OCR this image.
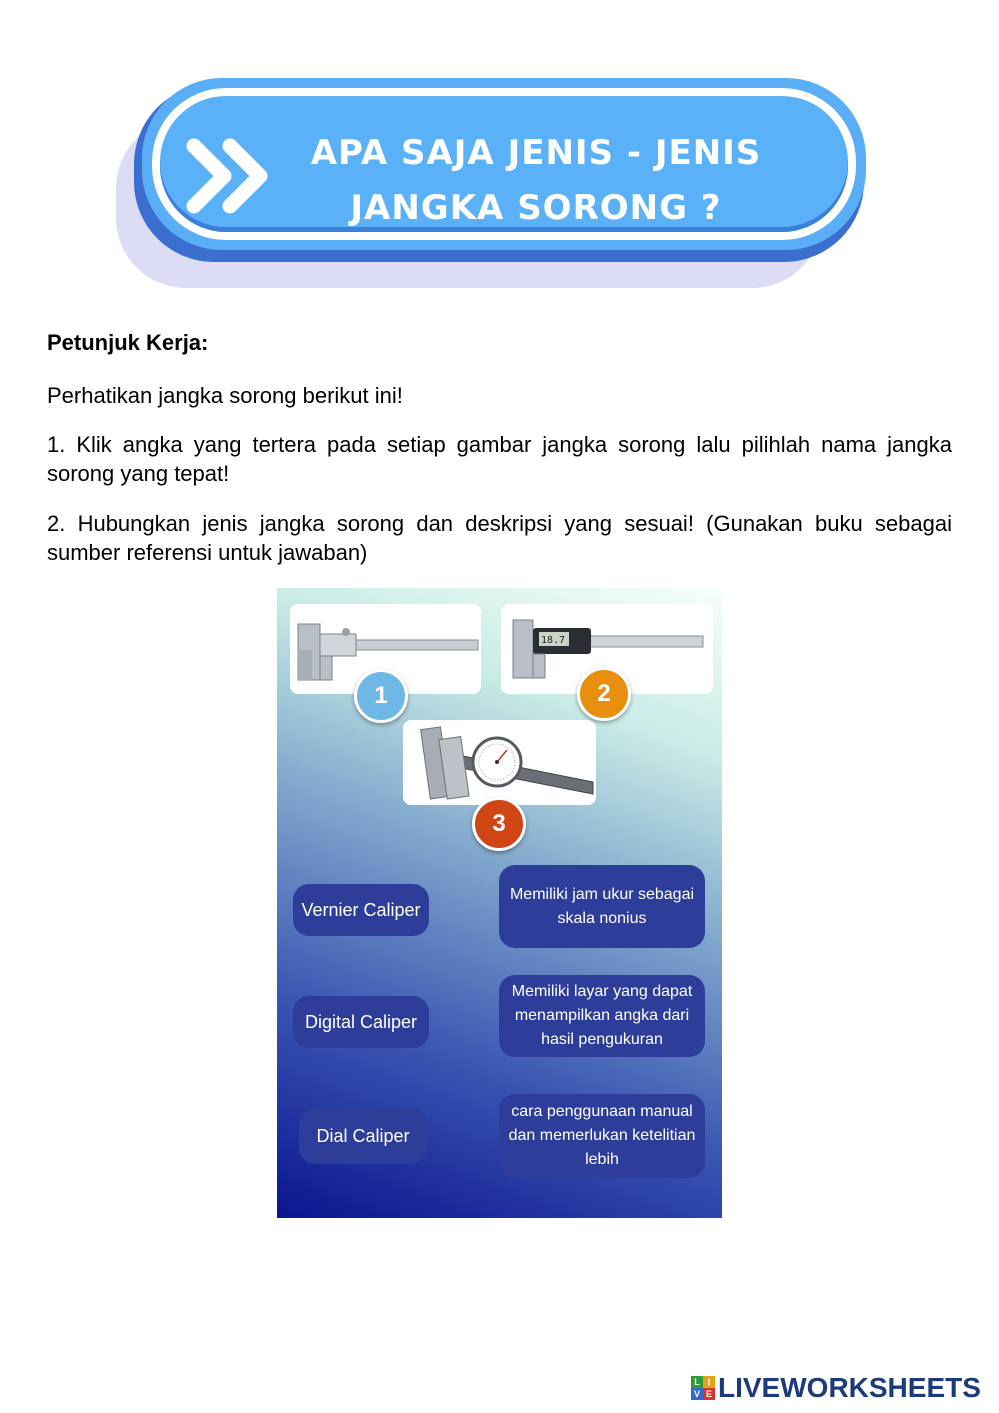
APA SAJA JENIS - JENIS
JANGKA SORONG ?
Petunjuk Kerja:
Perhatikan jangka sorong berikut ini!
1. Klik angka yang tertera pada setiap gambar jangka sorong lalu pilihlah nama jangka sorong yang tepat!
2. Hubungkan jenis jangka sorong dan deskripsi yang sesuai! (Gunakan buku sebagai sumber referensi untuk jawaban)
18.7
1	2
3
Vernier Caliper
Digital Caliper
Dial Caliper
Memiliki jam ukur sebagai skala nonius
Memiliki layar yang dapat menampilkan angka dari hasil pengukuran
cara penggunaan manual dan memerlukan ketelitian lebih
L I
V E LIVEWORKSHEETS
